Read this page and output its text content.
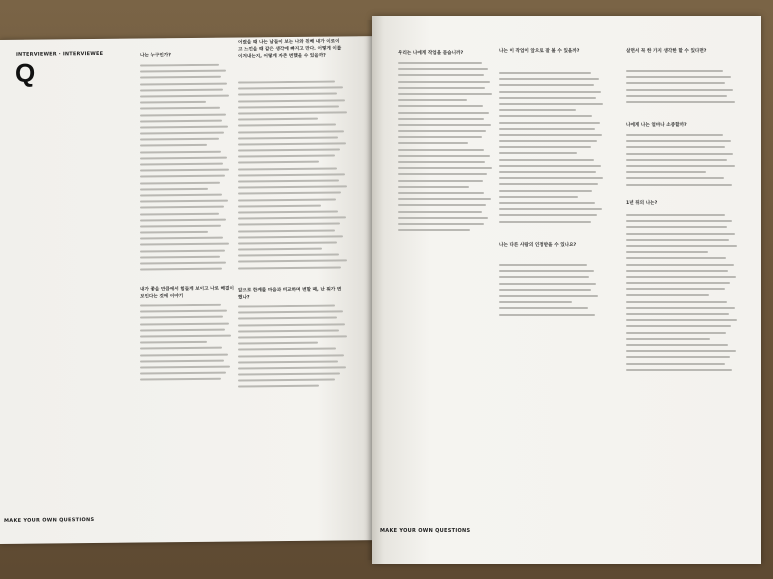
INTERVIEWER · INTERVIEWEE
Q
나는 누구인가?
어렸을 때 나는 남들이 보는 나와 친해 내가 이로이고 느낀을 때 같은 생각에 빠지고 만다. 어떻게 이를 이겨내는지, 어떻게 자존 변했을 수 있을까?
내가 좋을 만큼에서 힘들게 보이고 나로 해결이 보인다는 것에 이야기
앞으로 한계를 마음과 비교하며 변할 때, 난 뭐가 변했나?
MAKE YOUR OWN QUESTIONS
우리는 나에게 작업을 묻습니까?	나는 이 작업이 앞으로 잘 볼 수 있을까?
나는 다른 사람의 인정받을 수 있나요?
살면서 꼭 한 가지 생각한 할 수 있다면?
나에게 나는 얼마나 소중할까?
1년 뒤의 나는?
MAKE YOUR OWN QUESTIONS
